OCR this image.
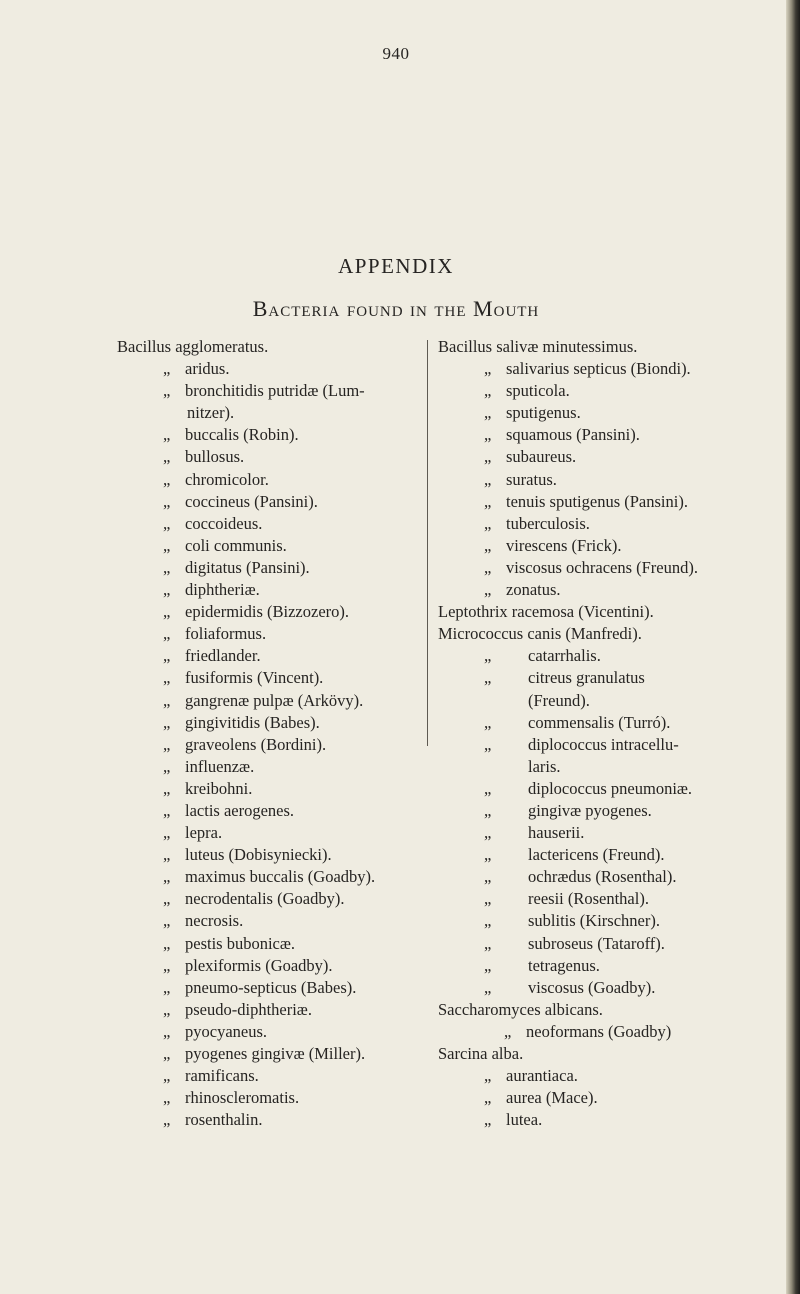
940
APPENDIX
Bacteria found in the Mouth
Bacillus agglomeratus.
„ aridus.
„ bronchitidis putridæ (Lum-
nitzer).
„ buccalis (Robin).
„ bullosus.
„ chromicolor.
„ coccineus (Pansini).
„ coccoideus.
„ coli communis.
„ digitatus (Pansini).
„ diphtheriæ.
„ epidermidis (Bizzozero).
„ foliaformus.
„ friedlander.
„ fusiformis (Vincent).
„ gangrenæ pulpæ (Arkövy).
„ gingivitidis (Babes).
„ graveolens (Bordini).
„ influenzæ.
„ kreibohni.
„ lactis aerogenes.
„ lepra.
„ luteus (Dobisyniecki).
„ maximus buccalis (Goadby).
„ necrodentalis (Goadby).
„ necrosis.
„ pestis bubonicæ.
„ plexiformis (Goadby).
„ pneumo-septicus (Babes).
„ pseudo-diphtheriæ.
„ pyocyaneus.
„ pyogenes gingivæ (Miller).
„ ramificans.
„ rhinoscleromatis.
„ rosenthalin.
Bacillus salivæ minutessimus.
„ salivarius septicus (Biondi).
„ sputicola.
„ sputigenus.
„ squamous (Pansini).
„ subaureus.
„ suratus.
„ tenuis sputigenus (Pansini).
„ tuberculosis.
„ virescens (Frick).
„ viscosus ochracens (Freund).
„ zonatus.
Leptothrix racemosa (Vicentini).
Micrococcus canis (Manfredi).
„ catarrhalis.
„ citreus granulatus
(Freund).
„ commensalis (Turró).
„ diplococcus intracellu-
laris.
„ diplococcus pneumoniæ.
„ gingivæ pyogenes.
„ hauserii.
„ lactericens (Freund).
„ ochrædus (Rosenthal).
„ reesii (Rosenthal).
„ sublitis (Kirschner).
„ subroseus (Tataroff).
„ tetragenus.
„ viscosus (Goadby).
Saccharomyces albicans.
„ neoformans (Goadby)
Sarcina alba.
„ aurantiaca.
„ aurea (Mace).
„ lutea.
